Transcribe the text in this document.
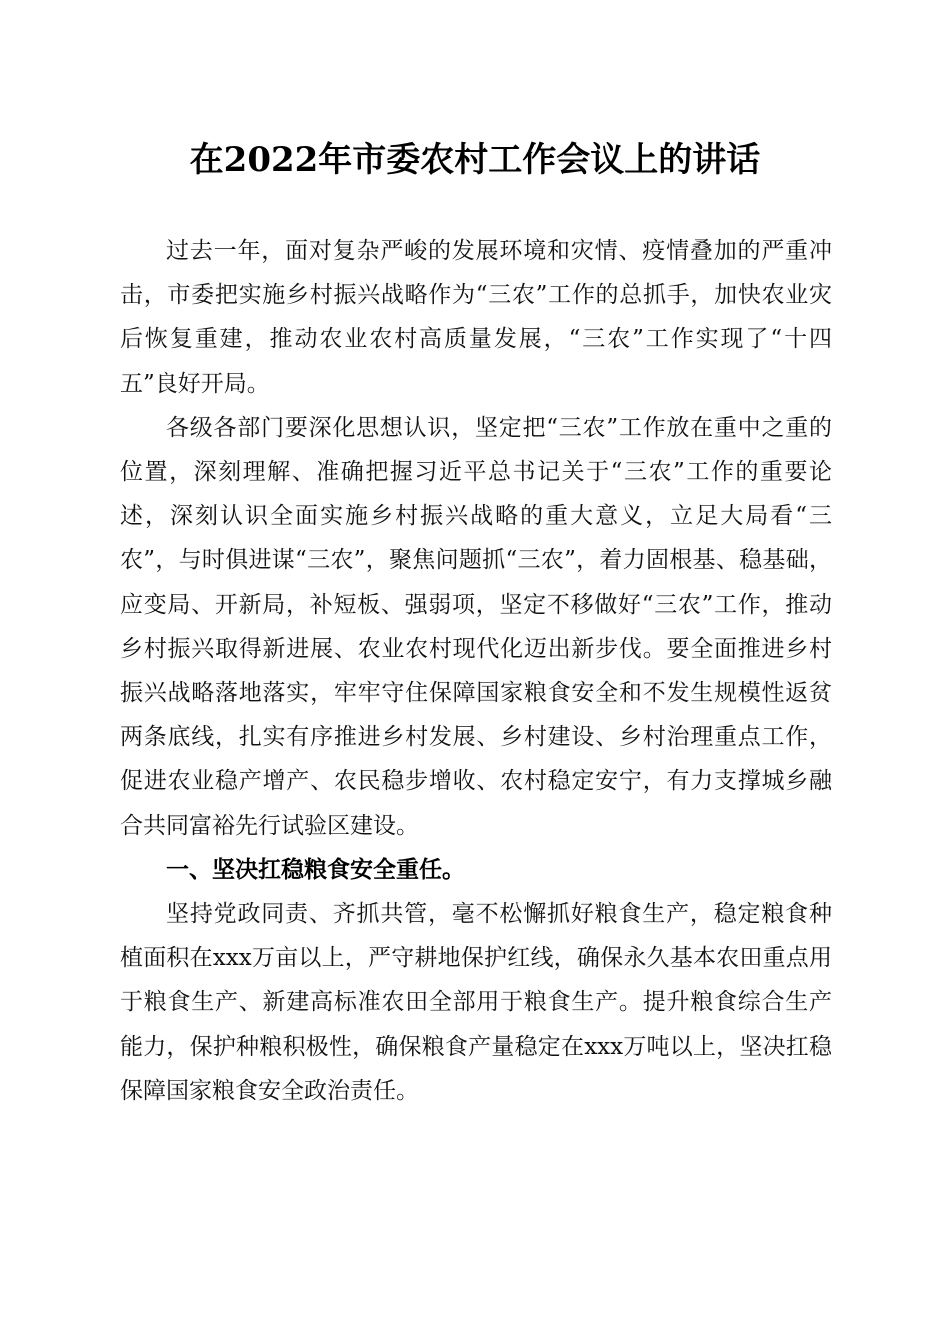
在2022年市委农村工作会议上的讲话

过去一年，面对复杂严峻的发展环境和灾情、疫情叠加的严重冲击，市委把实施乡村振兴战略作为“三农”工作的总抓手，加快农业灾后恢复重建，推动农业农村高质量发展，“三农”工作实现了“十四五”良好开局。

各级各部门要深化思想认识，坚定把“三农”工作放在重中之重的位置，深刻理解、准确把握习近平总书记关于“三农”工作的重要论述，深刻认识全面实施乡村振兴战略的重大意义，立足大局看“三农”，与时俱进谋“三农”，聚焦问题抓“三农”，着力固根基、稳基础，应变局、开新局，补短板、强弱项，坚定不移做好“三农”工作，推动乡村振兴取得新进展、农业农村现代化迈出新步伐。要全面推进乡村振兴战略落地落实，牢牢守住保障国家粮食安全和不发生规模性返贫两条底线，扎实有序推进乡村发展、乡村建设、乡村治理重点工作，促进农业稳产增产、农民稳步增收、农村稳定安宁，有力支撑城乡融合共同富裕先行试验区建设。

一、坚决扛稳粮食安全重任。

坚持党政同责、齐抓共管，毫不松懈抓好粮食生产，稳定粮食种植面积在xxx万亩以上，严守耕地保护红线，确保永久基本农田重点用于粮食生产、新建高标准农田全部用于粮食生产。提升粮食综合生产能力，保护种粮积极性，确保粮食产量稳定在xxx万吨以上，坚决扛稳保障国家粮食安全政治责任。
